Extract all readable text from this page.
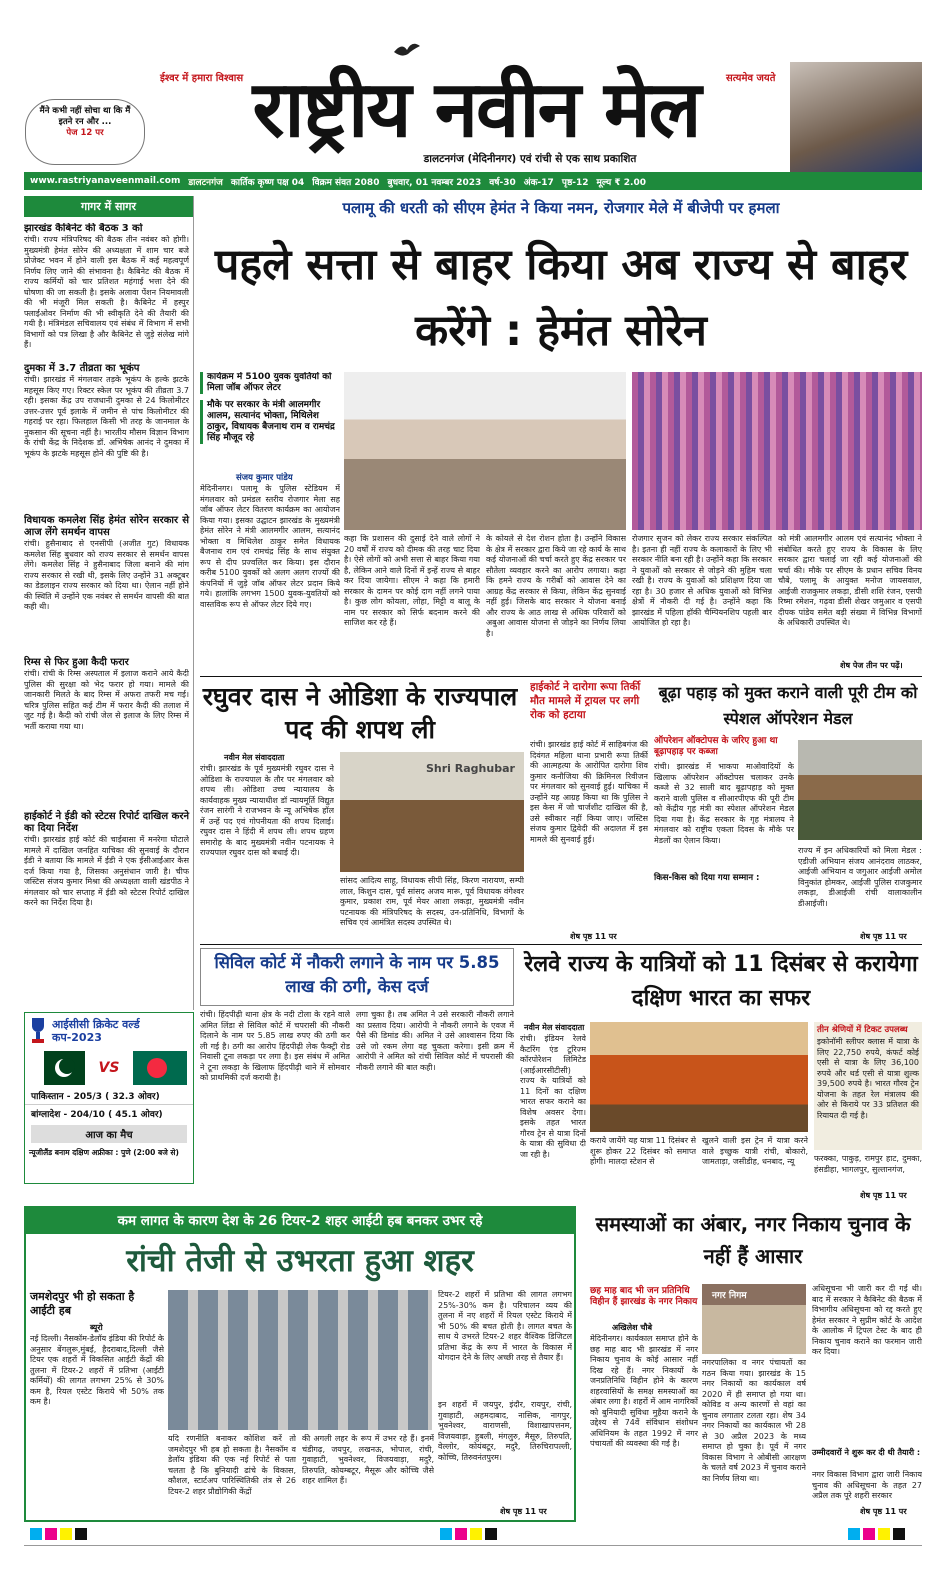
मैंने कभी नहीं सोचा था कि मैं इतने रन और ...
पेज 12 पर
ईश्वर में हमारा विश्वास	सत्यमेव जयते
राष्ट्रीय नवीन मेल
डालटनगंज (मेदिनीनगर) एवं रांची से एक साथ प्रकाशित
www.rastriyanaveenmail.com डालटनगंज कार्तिक कृष्ण पक्ष 04 विक्रम संवत 2080 बुधवार, 01 नवम्बर 2023 वर्ष-30 अंक-17 पृष्ठ-12 मूल्य ₹ 2.00
गागर में सागर
झारखंड कैबिनेट की बैठक 3 को

रांची। राज्य मंत्रिपरिषद की बैठक तीन नवंबर को होगी। मुख्यमंत्री हेमंत सोरेन की अध्यक्षता में शाम चार बजे प्रोजेक्ट भवन में होने वाली इस बैठक में कई महत्वपूर्ण निर्णय लिए जाने की संभावना है। कैबिनेट की बैठक में राज्य कर्मियों को चार प्रतिशत महंगाई भत्ता देने की घोषणा की जा सकती है। इसके अलावा पेंशन नियमावली की भी मंजूरी मिल सकती है। कैबिनेट में हस्पुर फ्लाईओवर निर्माण की भी स्वीकृति देने की तैयारी की गयी है। मंत्रिमंडल सचिवालय एवं संबंध में विभाग में सभी विभागों को पत्र लिखा है और कैबिनेट से जुड़े संलेख मांगे हैं।

दुमका में 3.7 तीव्रता का भूकंप

रांची। झारखंड में मंगलवार तड़के भूकंप के हल्के झटके महसूस किए गए। रिक्टर स्केल पर भूकंप की तीव्रता 3.7 रही। इसका केंद्र उप राजधानी दुमका से 24 किलोमीटर उत्तर-उत्तर पूर्व इलाके में जमीन से पांच किलोमीटर की गहराई पर रहा। फिलहाल किसी भी तरह के जानमाल के नुकसान की सूचना नहीं है। भारतीय मौसम विज्ञान विभाग के रांची केंद्र के निदेशक डॉ. अभिषेक आनंद ने दुमका में भूकंप के झटके महसूस होने की पुष्टि की है।

विधायक कमलेश सिंह हेमंत सोरेन सरकार से आज लेंगे समर्थन वापस

रांची। हुसैनाबाद से एनसीपी (अजीत गुट) विधायक कमलेश सिंह बुधवार को राज्य सरकार से समर्थन वापस लेंगे। कमलेश सिंह ने हुसैनाबाद जिला बनाने की मांग राज्य सरकार से रखी थी, इसके लिए उन्होंने 31 अक्टूबर का डेडलाइन राज्य सरकार को दिया था। ऐलान नहीं होने की स्थिति में उन्होंने एक नवंबर से समर्थन वापसी की बात कही थी।

रिम्स से फिर हुआ कैदी फरार

रांची। रांची के रिम्स अस्पताल में इलाज कराने आये कैदी पुलिस की सुरक्षा को भेद फरार हो गया। मामले की जानकारी मिलते के बाद रिम्स में अफरा तफरी मच गई। चरित्र पुलिस सहित कई टीम में फरार कैदी की तलाश में जुट गई है। कैदी को रांची जेल से इलाज के लिए रिम्स में भर्ती कराया गया था।

हाईकोर्ट ने ईडी को स्टेटस रिपोर्ट दाखिल करने का दिया निर्देश

रांची। झारखंड हाई कोर्ट की चाईबासा में मनरेगा घोटाले मामले में दाखिल जनहित याचिका की सुनवाई के दौरान ईडी ने बताया कि मामले में ईडी ने एक ईसीआईआर केस दर्ज किया गया है, जिसका अनुसंधान जारी है। चीफ जस्टिस संजय कुमार मिश्रा की अध्यक्षता वाली खंडपीठ ने मंगलवार को चार सप्ताह में ईडी को स्टेटस रिपोर्ट दाखिल करने का निर्देश दिया है।

आईसीसी क्रिकेट वर्ल्ड कप-2023
VS
पाकिस्तान - 205/3 ( 32.3 ओवर)
बांग्लादेश - 204/10 ( 45.1 ओवर)
आज का मैच
न्यूजीलैंड बनाम दक्षिण अफ्रीका : पुणे (2:00 बजे से)
पलामू की धरती को सीएम हेमंत ने किया नमन, रोजगार मेले में बीजेपी पर हमला
पहले सत्ता से बाहर किया अब राज्य से बाहर करेंगे : हेमंत सोरेन
कार्यक्रम में 5100 युवक युवतियों को मिला जॉब ऑफर लेटर
मौके पर सरकार के मंत्री आलमगीर आलम, सत्यानंद भोक्ता, मिथिलेश ठाकुर, विधायक बैजनाथ राम व रामचंद्र सिंह मौजूद रहे
संजय कुमार पांडेय
मेदिनीनगर। पलामू के पुलिस स्टेडियम में मंगलवार को प्रमंडल स्तरीय रोजगार मेला सह जॉब ऑफर लेटर वितरण कार्यक्रम का आयोजन किया गया। इसका उद्घाटन झारखंड के मुख्यमंत्री हेमंत सोरेन ने मंत्री आलमगीर आलम, सत्यानंद भोक्ता व मिथिलेश ठाकुर समेत विधायक बैजनाथ राम एवं रामचंद्र सिंह के साथ संयुक्त रूप से दीप प्रज्वलित कर किया। इस दौरान करीब 5100 युवकों को अलग अलग राज्यों की कंपनियों में जुड़े जॉब ऑफर लेटर प्रदान किये गये। हालांकि लगभग 1500 युवक-युवतियों को वास्तविक रूप से ऑफर लेटर दिये गए।
कहा कि प्रशासन की दुसाई देने वाले लोगों ने 20 वर्षों में राज्य को दीमक की तरह चाट दिया है। ऐसे लोगों को अभी सत्ता से बाहर किया गया है, लेकिन आने वाले दिनों में इन्हें राज्य से बाहर कर दिया जायेगा। सीएम ने कहा कि हमारी सरकार के दामन पर कोई दाग नहीं लगने पाया है। कुछ लोग कोयला, लोहा, मिट्टी व बालू के नाम पर सरकार को सिर्फ बदनाम करने की साजिश कर रहे हैं।
के कोयले से देश रोशन होता है। उन्होंने विकास के क्षेत्र में सरकार द्वारा किये जा रहे कार्य के साथ कई योजनाओं की चर्चा करते हुए केंद्र सरकार पर सौतेला व्यवहार करने का आरोप लगाया। कहा कि हमने राज्य के गरीबों को आवास देने का आग्रह केंद्र सरकार से किया, लेकिन केंद्र सुनवाई नहीं हुई। जिसके बाद सरकार ने योजना बनाई और राज्य के आठ लाख से अधिक परिवारों को अबुआ आवास योजना से जोड़ने का निर्णय लिया है।
रोजगार सृजन को लेकर राज्य सरकार संकल्पित है। इतना ही नहीं राज्य के कलाकारों के लिए भी सरकार नीति बना रही है। उन्होंने कहा कि सरकार ने युवाओं को सरकार से जोड़ने की मुहिम चला रखी है। राज्य के युवाओं को प्रशिक्षण दिया जा रहा है। 30 हजार से अधिक युवाओं को विभिन्न क्षेत्रों में नौकरी दी गई है। उन्होंने कहा कि झारखंड में पहिला हॉकी चैम्पियनशिप पहली बार आयोजित हो रहा है।
को मंत्री आलमगीर आलम एवं सत्यानंद भोक्ता ने संबोधित करते हुए राज्य के विकास के लिए सरकार द्वारा चलाई जा रही कई योजनाओं की चर्चा की। मौके पर सीएम के प्रधान सचिव विनय चौबे, पलामू के आयुक्त मनोज जायसवाल, आईजी राजकुमार लकड़ा, डीसी शशि रंजन, एसपी रिष्मा रमेशन, गढ़वा डीसी शेखर जमुआर व एसपी दीपक पांडेय समेत बड़ी संख्या में विभिन्न विभागों के अधिकारी उपस्थित थे।
शेष पेज तीन पर पढ़ें।
रघुवर दास ने ओडिशा के राज्यपाल पद की शपथ ली
नवीन मेल संवाददाता
रांची। झारखंड के पूर्व मुख्यमंत्री रघुवर दास ने ओडिशा के राज्यपाल के तौर पर मंगलवार को शपथ ली। ओडिशा उच्च न्यायालय के कार्यवाहक मुख्य न्यायाधीश डॉ न्यायमूर्ति विद्युत रंजन सारंगी ने राजभवन के न्यू अभिषेक हॉल में उन्हें पद एवं गोपनीयता की शपथ दिलाई। रघुवर दास ने हिंदी में शपथ ली। शपथ ग्रहण समारोह के बाद मुख्यमंत्री नवीन पटनायक ने राज्यपाल रघुवर दास को बधाई दी।
Shri Raghubar
सांसद आदित्य साहू, विधायक सीपी सिंह, किरण नारायण, सम्पी लाल, किशुन दास, पूर्व सांसद अजय मारू, पूर्व विधायक वंगेश्वर कुमार, प्रकाश राम, पूर्व मेयर आशा लकड़ा, मुख्यमंत्री नवीन पटनायक की मंत्रिपरिषद के सदस्य, उन-प्रतिनिधि, विभागों के सचिव एवं आमंत्रित सदस्य उपस्थित थे।
हाईकोर्ट ने दारोगा रूपा तिर्की मौत मामले में ट्रायल पर लगी रोक को हटाया
रांची। झारखंड हाई कोर्ट में साहिबगंज की दिवंगत महिला थाना प्रभारी रूपा तिर्की की आत्महत्या के आरोपित दारोगा शिव कुमार कनौजिया की क्रिमिनल रिवीजन पर मंगलवार को सुनवाई हुई। याचिका में उन्होंने यह आग्रह किया था कि पुलिस ने इस केस में जो चार्जशीट दाखिल की है, उसे स्वीकार नहीं किया जाए। जस्टिस संजय कुमार द्विवेदी की अदालत में इस मामले की सुनवाई हुई।
शेष पृष्ठ 11 पर
बूढ़ा पहाड़ को मुक्त कराने वाली पूरी टीम को स्पेशल ऑपरेशन मेडल
ऑपरेशन ऑक्टोपस के जरिए हुआ था बूढ़ापहाड़ पर कब्जा
रांची। झारखंड में भाकपा माओवादियों के खिलाफ ऑपरेशन ऑक्टोपस चलाकर उनके कब्जे से 32 साली बाद बूढ़ापहाड़ को मुक्त कराने वाली पुलिस व सीआरपीएफ की पूरी टीम को केंद्रीय गृह मंत्री का स्पेशल ऑपरेशन मेडल दिया गया है। केंद्र सरकार के गृह मंत्रालय ने मंगलवार को राष्ट्रीय एकता दिवस के मौके पर मेडलों का ऐलान किया।
किस-किस को दिया गया सम्मान :
राज्य में इन अधिकारियों को मिला मेडल : एडीजी अभियान संजय आनंदराव लाठकर, आईजी अभियान व जगुआर आईजी अमोल विनुकांत होमकर, आईजी पुलिस राजकुमार लकड़ा, डीआईजी रांची वालाकालीन डीआईजी।
शेष पृष्ठ 11 पर
सिविल कोर्ट में नौकरी लगाने के नाम पर 5.85 लाख की ठगी, केस दर्ज
रांची। हिंदपीढ़ी थाना क्षेत्र के नदी टोला के रहने वाले अमित लिंडा से सिविल कोर्ट में चपरासी की नौकरी दिलाने के नाम पर 5.85 लाख रुपए की ठगी कर ली गई है। ठगी का आरोप हिंदपीढ़ी लेक फैक्ट्री रोड निवासी टूना लकड़ा पर लगा है। इस संबंध में अमित ने टूना लकड़ा के खिलाफ हिंदपीढ़ी थाने में सोमवार को प्राथमिकी दर्ज करायी है।
लगा चुका है। तब अमित ने उसे सरकारी नौकरी लगाने का प्रस्ताव दिया। आरोपी ने नौकरी लगाने के एवज में पैसे की डिमांड की। अमित ने उसे आश्वासन दिया कि उसे जो रकम लेगा वह चुकता करेगा। इसी क्रम में आरोपी ने अमित को रांची सिविल कोर्ट में चपरासी की नौकरी लगाने की बात कही।
रेलवे राज्य के यात्रियों को 11 दिसंबर से करायेगा दक्षिण भारत का सफर
नवीन मेल संवाददाता
रांची। इंडियन रेलवे कैटरिंग एंड टूरिज्म कॉरपोरेशन लिमिटेड (आईआरसीटीसी) राज्य के यात्रियों को 11 दिनों का दक्षिण भारत सफर कराने का विशेष अवसर देगा। इसके तहत भारत गौरव ट्रेन से यात्रा दिनों के यात्रा की सुविधा दी जा रही है।
कराये जायेंगे यह यात्रा 11 दिसंबर से शुरू होकर 22 दिसंबर को समाप्त होगी। मालदा स्टेशन से
खुलने वाली इस ट्रेन में यात्रा करने वाले इच्छुक यात्री रांची, बोकारो, जामताड़ा, जसीडीह, धनबाद, न्यू
तीन श्रेणियों में टिकट उपलब्ध
इकोनॉमी स्लीपर क्लास में यात्रा के लिए 22,750 रुपये, कंफर्ट कोई एसी से यात्रा के लिए 36,100 रुपये और थर्ड एसी से यात्रा शुल्क 39,500 रुपये है। भारत गौरव ट्रेन योजना के तहत रेल मंत्रालय की ओर से किराये पर 33 प्रतिशत की रियायत दी गई है।
फरक्का, पाकुड़, रामपुर हाट, दुमका, हंसडीहा, भागलपुर, सुल्तानगंज,
शेष पृष्ठ 11 पर
कम लागत के कारण देश के 26 टियर-2 शहर आईटी हब बनकर उभर रहे
रांची तेजी से उभरता हुआ शहर
जमशेदपुर भी हो सकता है आईटी हब
ब्यूरो
नई दिल्ली। नैसकॉम-डेलॉय इंडिया की रिपोर्ट के अनुसार बेंगलुरू,मुंबई, हैदराबाद,दिल्ली जैसे टियर एक शहरों में विकसित आईटी केंद्रों की तुलना में टियर-2 शहरों में प्रतिभा (आईटी कर्मियों) की लागत लगभग 25% से 30% कम है, रियल एस्टेट किराये भी 50% तक कम है।
यदि रणनीति बनाकर कोशिश करें तो जमशेदपुर भी हब हो सकता है। नैसकॉम व डेलॉय इंडिया की एक नई रिपोर्ट से पता चलता है कि बुनियादी ढांचे के विकास, कौशल, स्टार्टअप पारिस्थितिकी तंत्र से 26 टियर-2 शहर प्रौद्योगिकी केंद्रों
की अगली लहर के रूप में उभर रहे हैं। इनमें चंडीगढ़, जयपुर, लखनऊ, भोपाल, रांची, गुवाहाटी, भुवनेश्वर, विजयवाड़ा, मदुरै, तिरुपति, कोयम्बटूर, मैसूरू और कोच्चि जैसे शहर शामिल हैं।
टियर-2 शहरों में प्रतिभा की लागत लगभग 25%-30% कम है। परिचालन व्यय की तुलना में नए शहरों में रियल एस्टेट किराये में भी 50% की बचत होती है। लागत बचत के साथ ये उभरते टियर-2 शहर वैश्विक डिजिटल प्रतिभा केंद्र के रूप में भारत के विकास में योगदान देने के लिए अच्छी तरह से तैयार हैं।
इन शहरों में जयपुर, इंदौर, रायपुर, रांची, गुवाहाटी, अहमदाबाद, नासिक, नागपुर, भुवनेश्वर, वाराणसी, विशाखापत्तनम, विजयवाड़ा, हुबली, मंगलुरु, मैसूरु, तिरुपति, वेल्लोर, कोयंबटूर, मदुरै, तिरुचिरापल्ली, कोच्चि, तिरुवनंतपुरम।
शेष पृष्ठ 11 पर
समस्याओं का अंबार, नगर निकाय चुनाव के नहीं हैं आसार
छह माह बाद भी जन प्रतिनिधि विहीन हैं झारखंड के नगर निकाय
अखिलेश चौबे
मेदिनीनगर। कार्यकाल समाप्त होने के छह माह बाद भी झारखंड में नगर निकाय चुनाव के कोई आसार नहीं दिख रहे हैं। नगर निकायों के जनप्रतिनिधि विहीन होने के कारण शहरवासियों के समक्ष समस्याओं का अंबार लगा है। शहरों में आम नागरिकों को बुनियादी सुविधा मुहैया कराने के उद्देश्य से 74वें संविधान संशोधन अधिनियम के तहत 1992 में नगर पंचायतों की व्यवस्था की गई है।
नगर निगम
नगरपालिका व नगर पंचायतों का गठन किया गया। झारखंड के 15 नगर निकायों का कार्यकाल वर्ष 2020 में ही समाप्त हो गया था। कोविड व अन्य कारणों से वहां का चुनाव लगातार टलता रहा। शेष 34 नगर निकायों का कार्यकाल भी 28 से 30 अप्रैल 2023 के मध्य समाप्त हो चुका है। पूर्व में नगर विकास विभाग ने ओबीसी आरक्षण के चलते वर्ष 2023 में चुनाव कराने का निर्णय लिया था।
अधिसूचना भी जारी कर दी गई थी। बाद में सरकार ने कैबिनेट की बैठक में विभागीय अधिसूचना को रद्द करते हुए हेमंत सरकार ने सुप्रीम कोर्ट के आदेश के आलोक में ट्रिपल टेस्ट के बाद ही निकाय चुनाव कराने का फरमान जारी कर दिया।
उम्मीदवारों ने शुरू कर दी थी तैयारी :
नगर विकास विभाग द्वारा जारी निकाय चुनाव की अधिसूचना के तहत 27 अप्रैल तक पूरे शहरी सरकार
शेष पृष्ठ 11 पर
